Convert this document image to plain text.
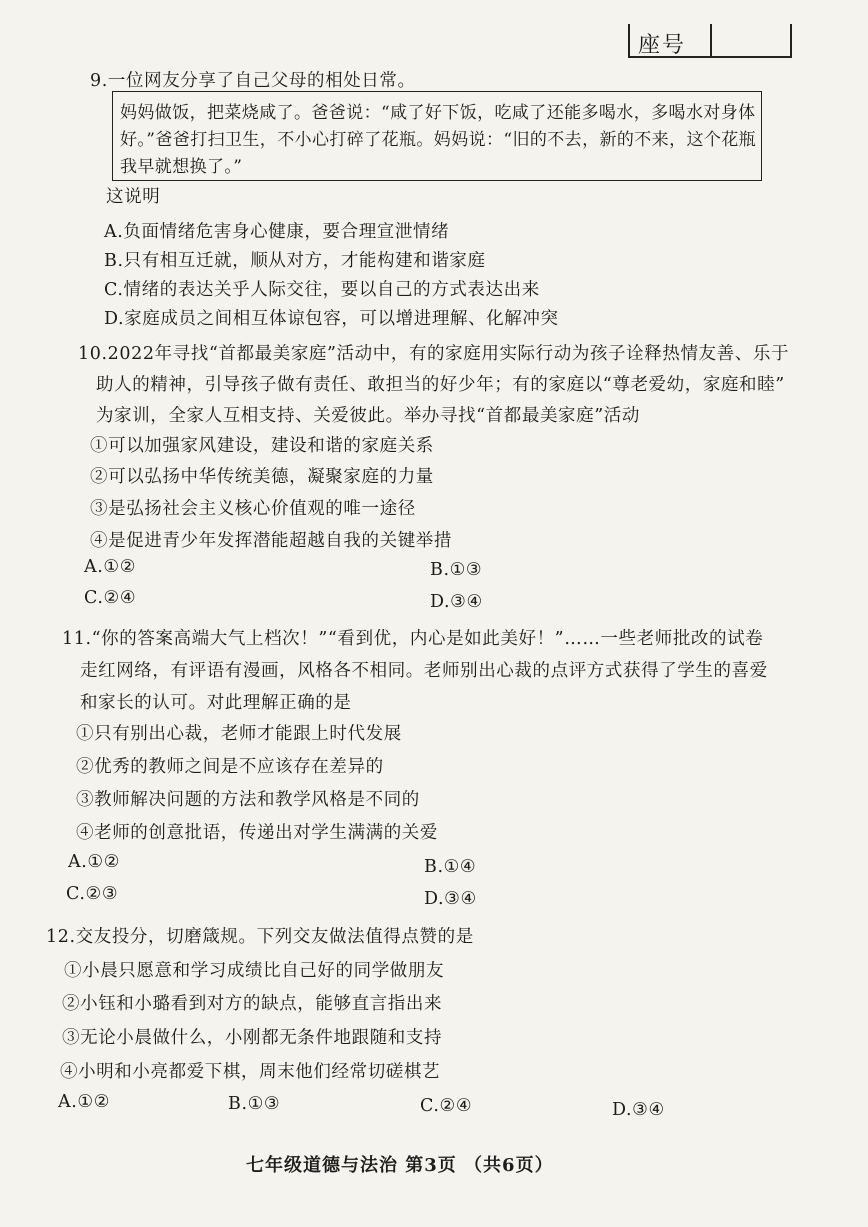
座号
9.一位网友分享了自己父母的相处日常。
妈妈做饭，把菜烧咸了。爸爸说：“咸了好下饭，吃咸了还能多喝水，多喝水对身体
好。”爸爸打扫卫生，不小心打碎了花瓶。妈妈说：“旧的不去，新的不来，这个花瓶
我早就想换了。”
这说明
A.负面情绪危害身心健康，要合理宣泄情绪
B.只有相互迁就，顺从对方，才能构建和谐家庭
C.情绪的表达关乎人际交往，要以自己的方式表达出来
D.家庭成员之间相互体谅包容，可以增进理解、化解冲突
10.2022年寻找“首都最美家庭”活动中，有的家庭用实际行动为孩子诠释热情友善、乐于
助人的精神，引导孩子做有责任、敢担当的好少年；有的家庭以“尊老爱幼，家庭和睦”
为家训，全家人互相支持、关爱彼此。举办寻找“首都最美家庭”活动
①可以加强家风建设，建设和谐的家庭关系
②可以弘扬中华传统美德，凝聚家庭的力量
③是弘扬社会主义核心价值观的唯一途径
④是促进青少年发挥潜能超越自我的关键举措
A.①②	B.①③
C.②④	D.③④
11.“你的答案高端大气上档次！”“看到优，内心是如此美好！”……一些老师批改的试卷
走红网络，有评语有漫画，风格各不相同。老师别出心裁的点评方式获得了学生的喜爱
和家长的认可。对此理解正确的是
①只有别出心裁，老师才能跟上时代发展
②优秀的教师之间是不应该存在差异的
③教师解决问题的方法和教学风格是不同的
④老师的创意批语，传递出对学生满满的关爱
A.①②	B.①④
C.②③	D.③④
12.交友投分，切磨箴规。下列交友做法值得点赞的是
①小晨只愿意和学习成绩比自己好的同学做朋友
②小钰和小璐看到对方的缺点，能够直言指出来
③无论小晨做什么，小刚都无条件地跟随和支持
④小明和小亮都爱下棋，周末他们经常切磋棋艺
A.①②	B.①③	C.②④	D.③④
七年级道德与法治 第3页 （共6页）
